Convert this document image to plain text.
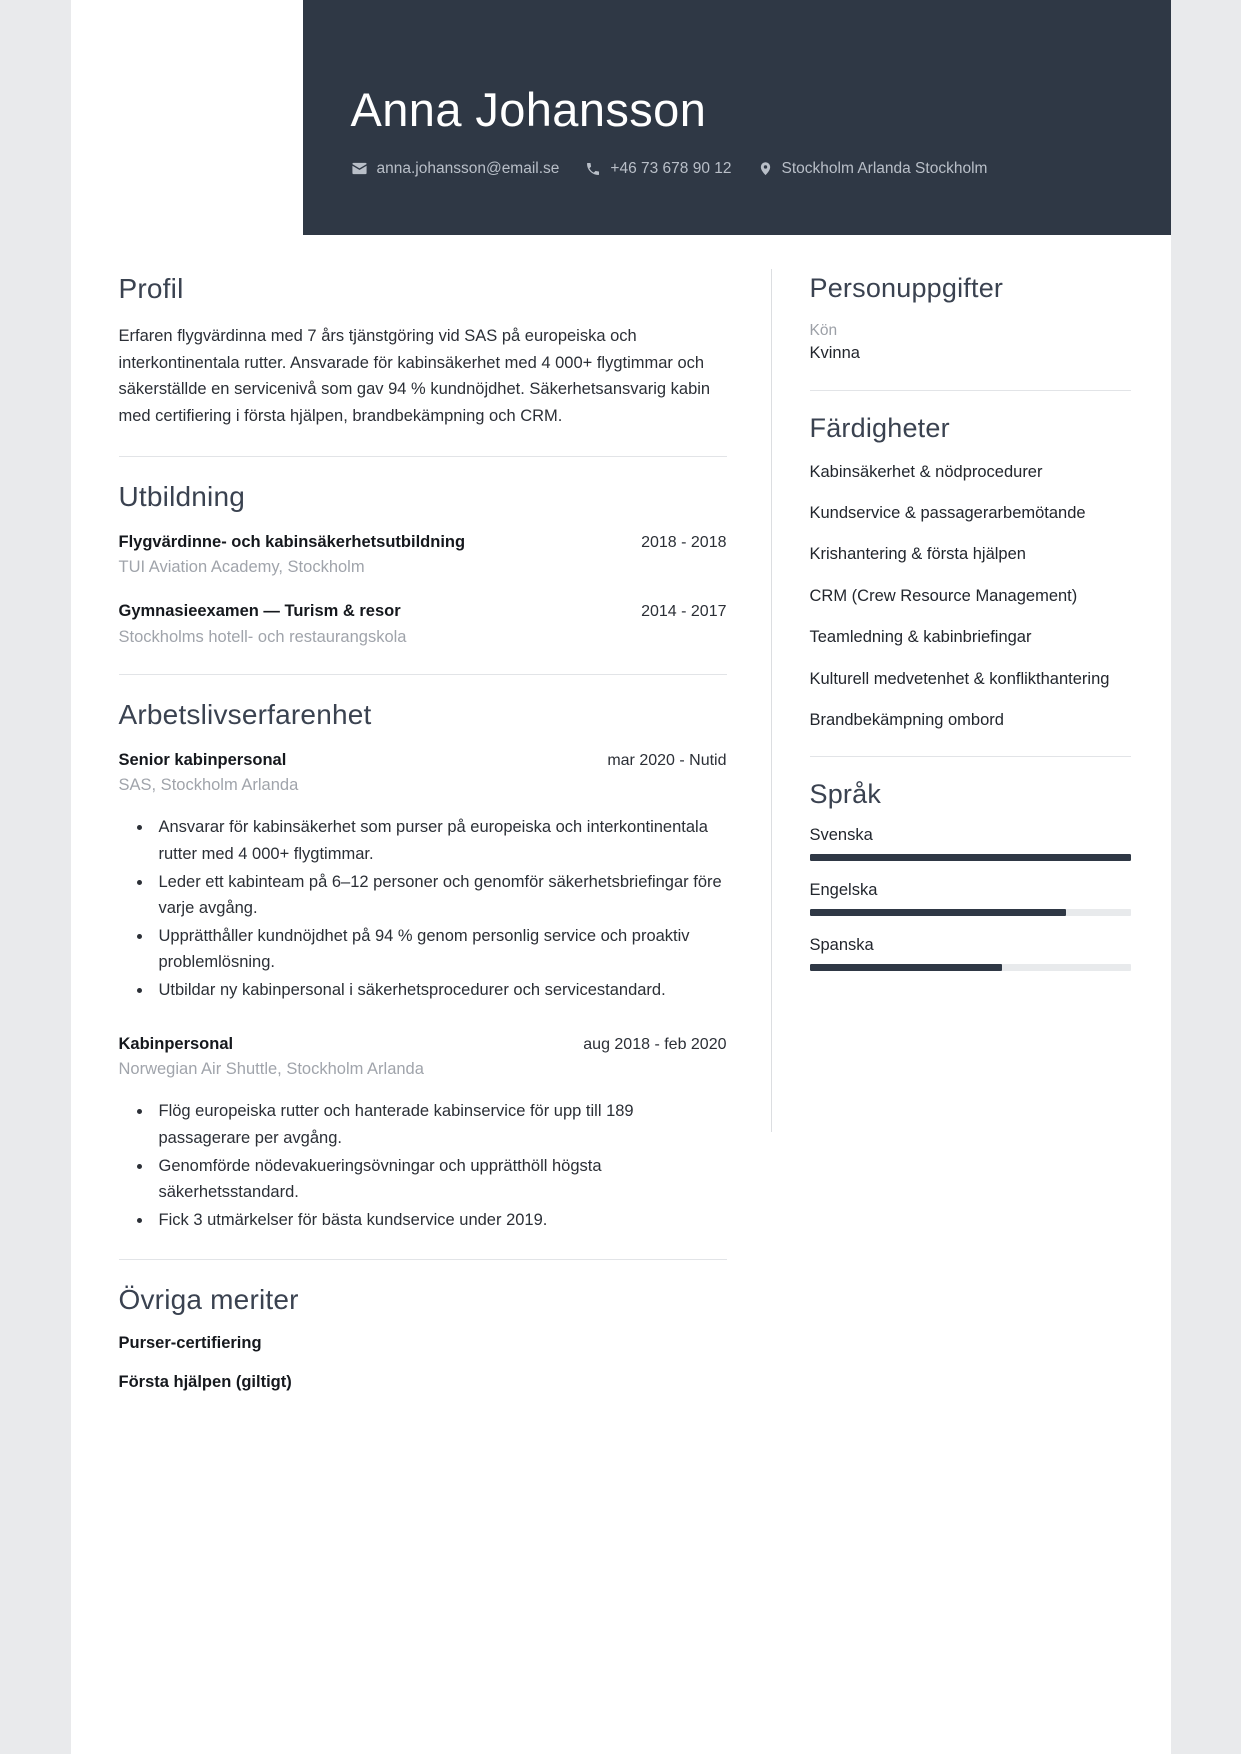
Anna Johansson
anna.johansson@email.se	+46 73 678 90 12	Stockholm Arlanda Stockholm
Profil

Erfaren flygvärdinna med 7 års tjänstgöring vid SAS på europeiska och interkontinentala rutter. Ansvarade för kabinsäkerhet med 4 000+ flygtimmar och säkerställde en servicenivå som gav 94 % kundnöjdhet. Säkerhetsansvarig kabin med certifiering i första hjälpen, brandbekämpning och CRM.

Utbildning
Flygvärdinne- och kabinsäkerhetsutbildning	2018 - 2018
TUI Aviation Academy, Stockholm
Gymnasieexamen — Turism & resor	2014 - 2017
Stockholms hotell- och restaurangskola
Arbetslivserfarenhet
Senior kabinpersonal	mar 2020 - Nutid
SAS, Stockholm Arlanda
• Ansvarar för kabinsäkerhet som purser på europeiska och interkontinentala rutter med 4 000+ flygtimmar.
• Leder ett kabinteam på 6–12 personer och genomför säkerhetsbriefingar före varje avgång.
• Upprätthåller kundnöjdhet på 94 % genom personlig service och proaktiv problemlösning.
• Utbildar ny kabinpersonal i säkerhetsprocedurer och servicestandard.
Kabinpersonal	aug 2018 - feb 2020
Norwegian Air Shuttle, Stockholm Arlanda
• Flög europeiska rutter och hanterade kabinservice för upp till 189 passagerare per avgång.
• Genomförde nödevakueringsövningar och upprätthöll högsta säkerhetsstandard.
• Fick 3 utmärkelser för bästa kundservice under 2019.
Övriga meriter
Purser-certifiering
Första hjälpen (giltigt)
Personuppgifter
Kön
Kvinna
Färdigheter
Kabinsäkerhet & nödprocedurer
Kundservice & passagerarbemötande
Krishantering & första hjälpen
CRM (Crew Resource Management)
Teamledning & kabinbriefingar
Kulturell medvetenhet & konflikthantering
Brandbekämpning ombord
Språk
Svenska
Engelska
Spanska
